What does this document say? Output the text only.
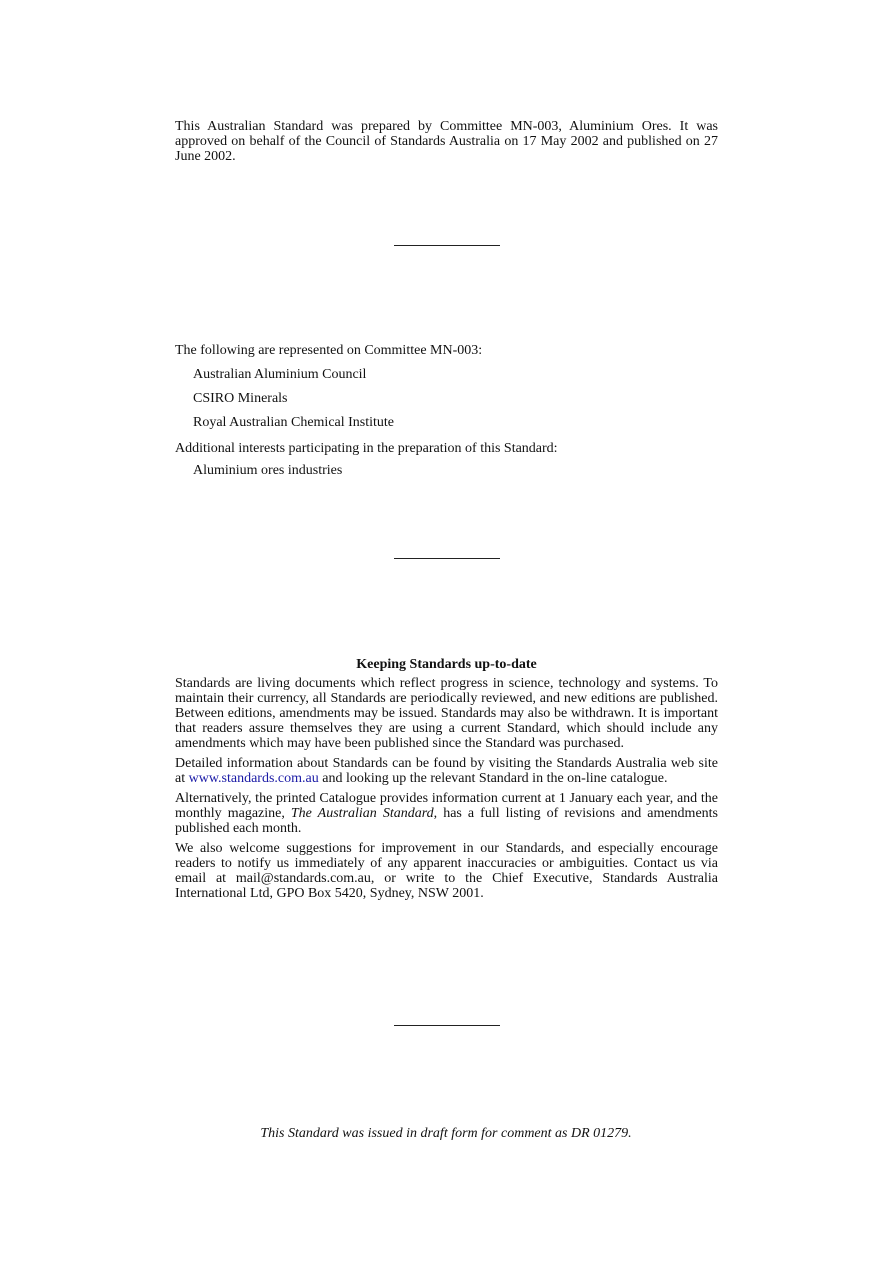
This Australian Standard was prepared by Committee MN-003, Aluminium Ores. It was approved on behalf of the Council of Standards Australia on 17 May 2002 and published on 27 June 2002.
The following are represented on Committee MN-003:
Australian Aluminium Council
CSIRO Minerals
Royal Australian Chemical Institute
Additional interests participating in the preparation of this Standard:
Aluminium ores industries
Keeping Standards up-to-date

Standards are living documents which reflect progress in science, technology and systems. To maintain their currency, all Standards are periodically reviewed, and new editions are published. Between editions, amendments may be issued. Standards may also be withdrawn. It is important that readers assure themselves they are using a current Standard, which should include any amendments which may have been published since the Standard was purchased.

Detailed information about Standards can be found by visiting the Standards Australia web site at www.standards.com.au and looking up the relevant Standard in the on-line catalogue.

Alternatively, the printed Catalogue provides information current at 1 January each year, and the monthly magazine, The Australian Standard, has a full listing of revisions and amendments published each month.

We also welcome suggestions for improvement in our Standards, and especially encourage readers to notify us immediately of any apparent inaccuracies or ambiguities. Contact us via email at mail@standards.com.au, or write to the Chief Executive, Standards Australia International Ltd, GPO Box 5420, Sydney, NSW 2001.

This Standard was issued in draft form for comment as DR 01279.
